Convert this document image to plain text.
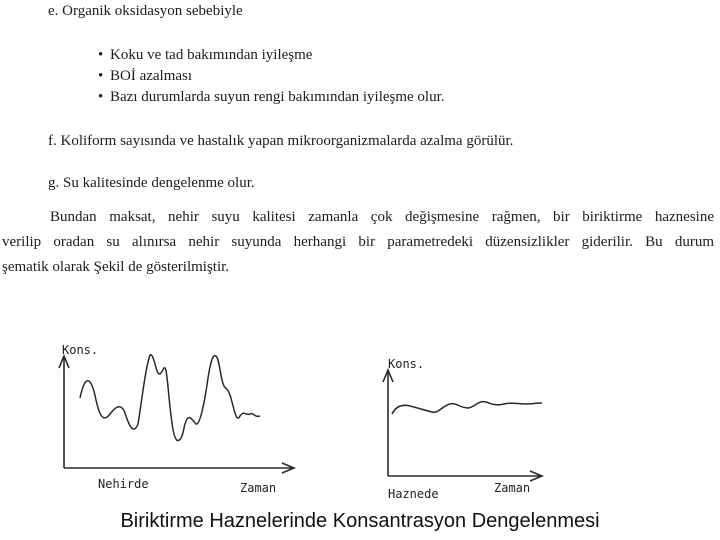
e. Organik oksidasyon sebebiyle
• Koku ve tad bakımından iyileşme
• BOİ azalması
• Bazı durumlarda suyun rengi bakımından iyileşme olur.
f. Koliform sayısında ve hastalık yapan mikroorganizmalarda azalma görülür.
g. Su kalitesinde dengelenme olur.
Bundan maksat, nehir suyu kalitesi zamanla çok değişmesine rağmen, bir biriktirme haznesine
verilip oradan su alınırsa nehir suyunda herhangi bir parametredeki düzensizlikler giderilir. Bu durum
şematik olarak Şekil de gösterilmiştir.
Kons.
Nehirde	Zaman
Kons.
Haznede	Zaman
Biriktirme Haznelerinde Konsantrasyon Dengelenmesi
